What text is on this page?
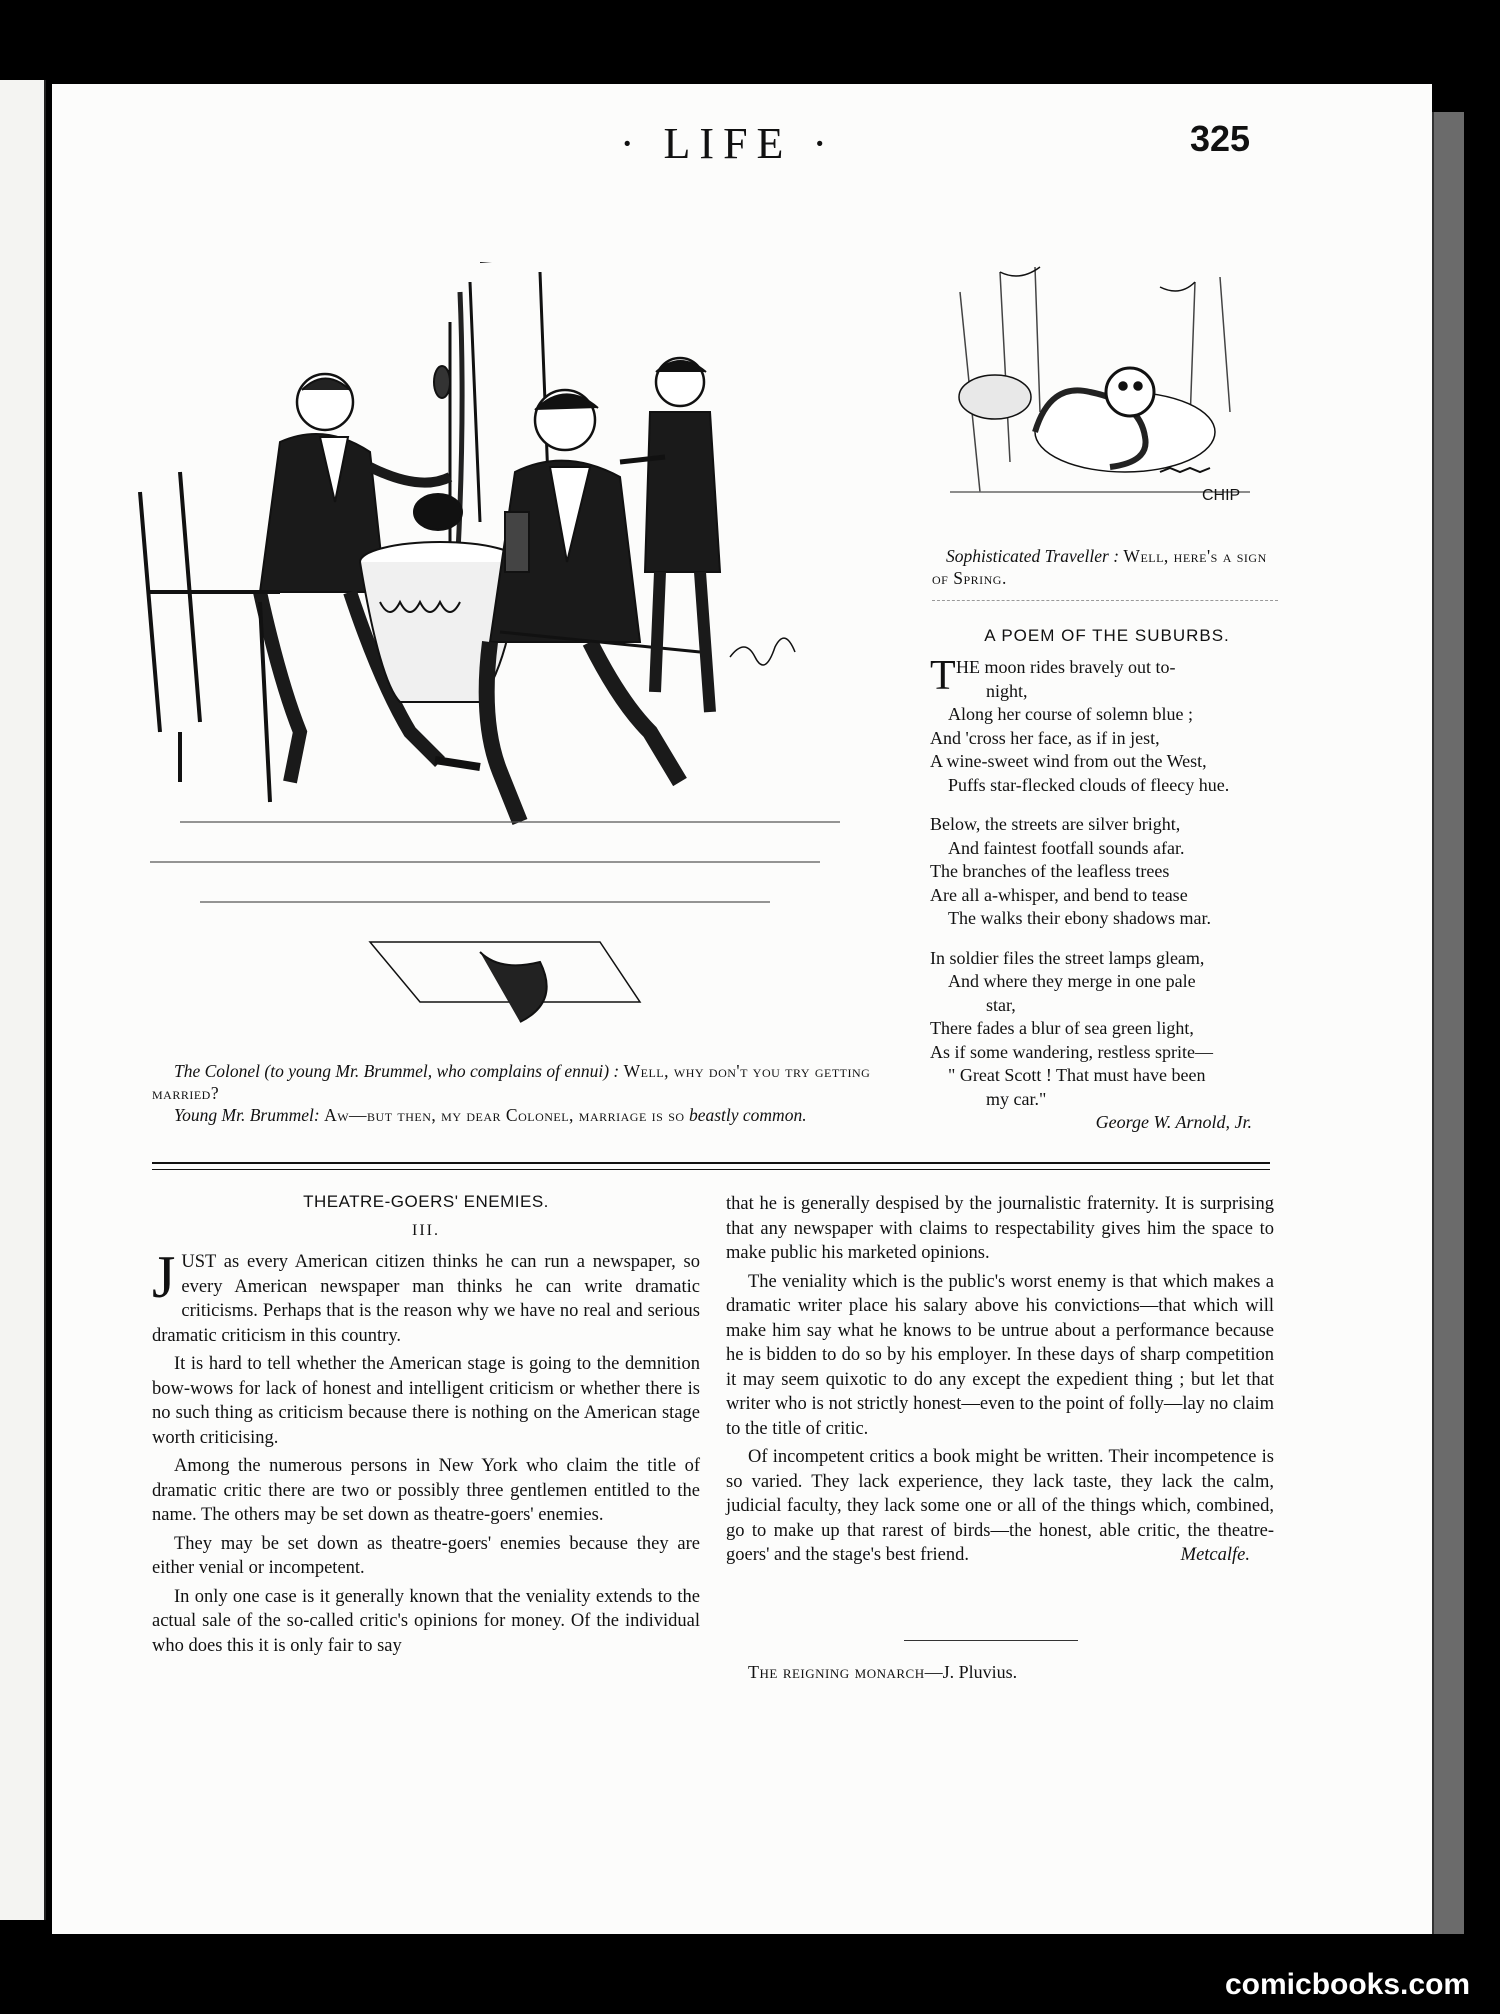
· LIFE ·	325
CHIP

Sophisticated Traveller : Well, here's a sign of Spring.

A POEM OF THE SUBURBS.
T HE moon rides bravely out to-
night,
Along her course of solemn blue ;
And 'cross her face, as if in jest,
A wine-sweet wind from out the West,
Puffs star-flecked clouds of fleecy hue.
Below, the streets are silver bright,
And faintest footfall sounds afar.
The branches of the leafless trees
Are all a-whisper, and bend to tease
The walks their ebony shadows mar.
In soldier files the street lamps gleam,
And where they merge in one pale
star,
There fades a blur of sea green light,
As if some wandering, restless sprite—
" Great Scott ! That must have been
my car."
George W. Arnold, Jr.

The Colonel (to young Mr. Brummel, who complains of ennui) : Well, why don't you try getting married?

Young Mr. Brummel: Aw—but then, my dear Colonel, marriage is so beastly common.

THEATRE-GOERS' ENEMIES.
III.

JUST as every American citizen thinks he can run a newspaper, so every American newspaper man thinks he can write dramatic criticisms. Perhaps that is the reason why we have no real and serious dramatic criticism in this country.

It is hard to tell whether the American stage is going to the demnition bow-wows for lack of honest and intelligent criticism or whether there is no such thing as criticism because there is nothing on the American stage worth criticising.

Among the numerous persons in New York who claim the title of dramatic critic there are two or possibly three gentlemen entitled to the name. The others may be set down as theatre-goers' enemies.

They may be set down as theatre-goers' enemies because they are either venial or incompetent.

In only one case is it generally known that the veniality extends to the actual sale of the so-called critic's opinions for money. Of the individual who does this it is only fair to say

that he is generally despised by the journalistic fraternity. It is surprising that any newspaper with claims to respectability gives him the space to make public his marketed opinions.

The veniality which is the public's worst enemy is that which makes a dramatic writer place his salary above his convictions—that which will make him say what he knows to be untrue about a performance because he is bidden to do so by his employer. In these days of sharp competition it may seem quixotic to do any except the expedient thing ; but let that writer who is not strictly honest—even to the point of folly—lay no claim to the title of critic.

Of incompetent critics a book might be written. Their incompetence is so varied. They lack experience, they lack taste, they lack the calm, judicial faculty, they lack some one or all of the things which, combined, go to make up that rarest of birds—the honest, able critic, the theatre-goers' and the stage's best friend.	Metcalfe.

The reigning monarch—J. Pluvius.
comicbooks.com
